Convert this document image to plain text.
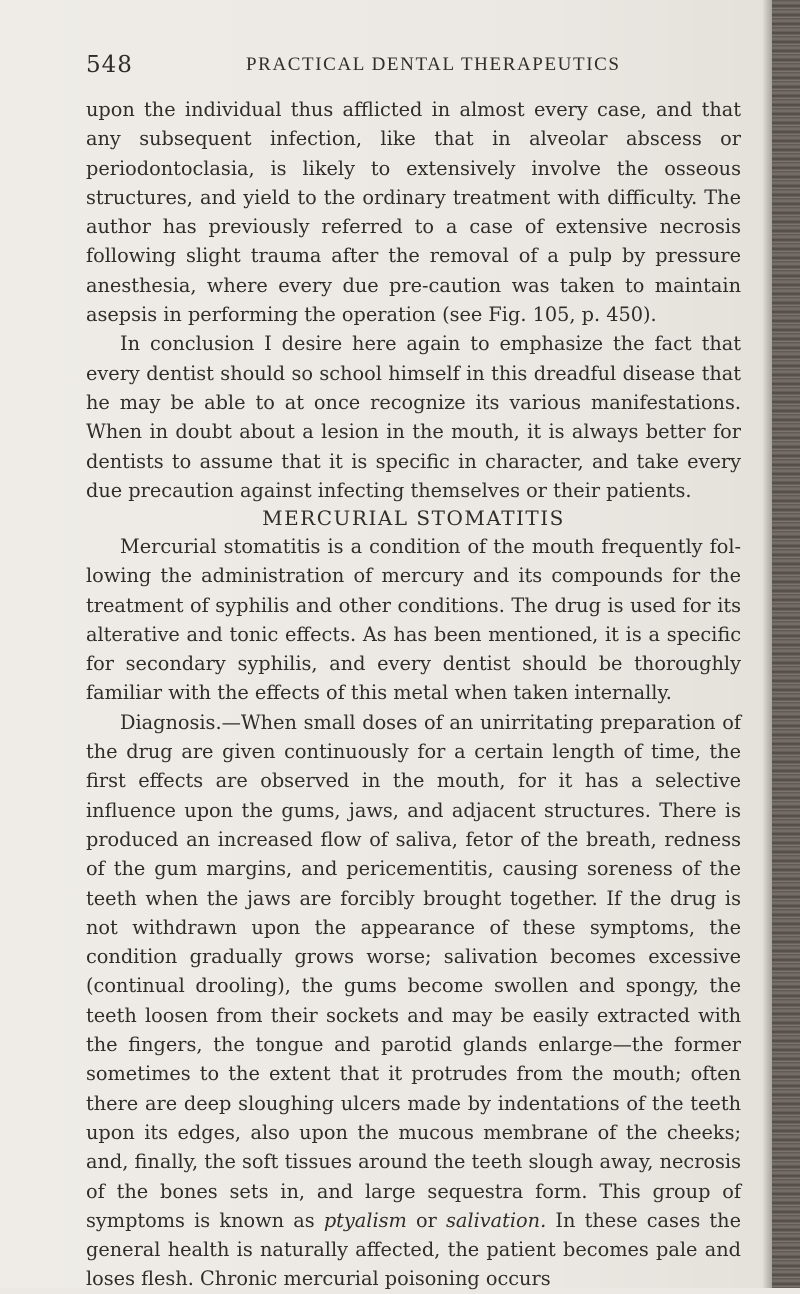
548	PRACTICAL DENTAL THERAPEUTICS

upon the individual thus afflicted in almost every case, and that any subsequent infection, like that in alveolar abscess or periodontoclasia, is likely to extensively involve the osseous structures, and yield to the ordinary treatment with difficulty. The author has previously referred to a case of extensive necrosis following slight trauma after the removal of a pulp by pressure anesthesia, where every due pre-caution was taken to maintain asepsis in performing the operation (see Fig. 105, p. 450).

In conclusion I desire here again to emphasize the fact that every dentist should so school himself in this dreadful disease that he may be able to at once recognize its various manifestations. When in doubt about a lesion in the mouth, it is always better for dentists to assume that it is specific in character, and take every due precaution against infecting themselves or their patients.

MERCURIAL STOMATITIS

Mercurial stomatitis is a condition of the mouth frequently fol-lowing the administration of mercury and its compounds for the treatment of syphilis and other conditions. The drug is used for its alterative and tonic effects. As has been mentioned, it is a specific for secondary syphilis, and every dentist should be thoroughly familiar with the effects of this metal when taken internally.

Diagnosis.—When small doses of an unirritating preparation of the drug are given continuously for a certain length of time, the first effects are observed in the mouth, for it has a selective influence upon the gums, jaws, and adjacent structures. There is produced an increased flow of saliva, fetor of the breath, redness of the gum margins, and pericementitis, causing soreness of the teeth when the jaws are forcibly brought together. If the drug is not withdrawn upon the appearance of these symptoms, the condition gradually grows worse; salivation becomes excessive (continual drooling), the gums become swollen and spongy, the teeth loosen from their sockets and may be easily extracted with the fingers, the tongue and parotid glands enlarge—the former sometimes to the extent that it protrudes from the mouth; often there are deep sloughing ulcers made by indentations of the teeth upon its edges, also upon the mucous membrane of the cheeks; and, finally, the soft tissues around the teeth slough away, necrosis of the bones sets in, and large sequestra form. This group of symptoms is known as ptyalism or salivation. In these cases the general health is naturally affected, the patient becomes pale and loses flesh. Chronic mercurial poisoning occurs
